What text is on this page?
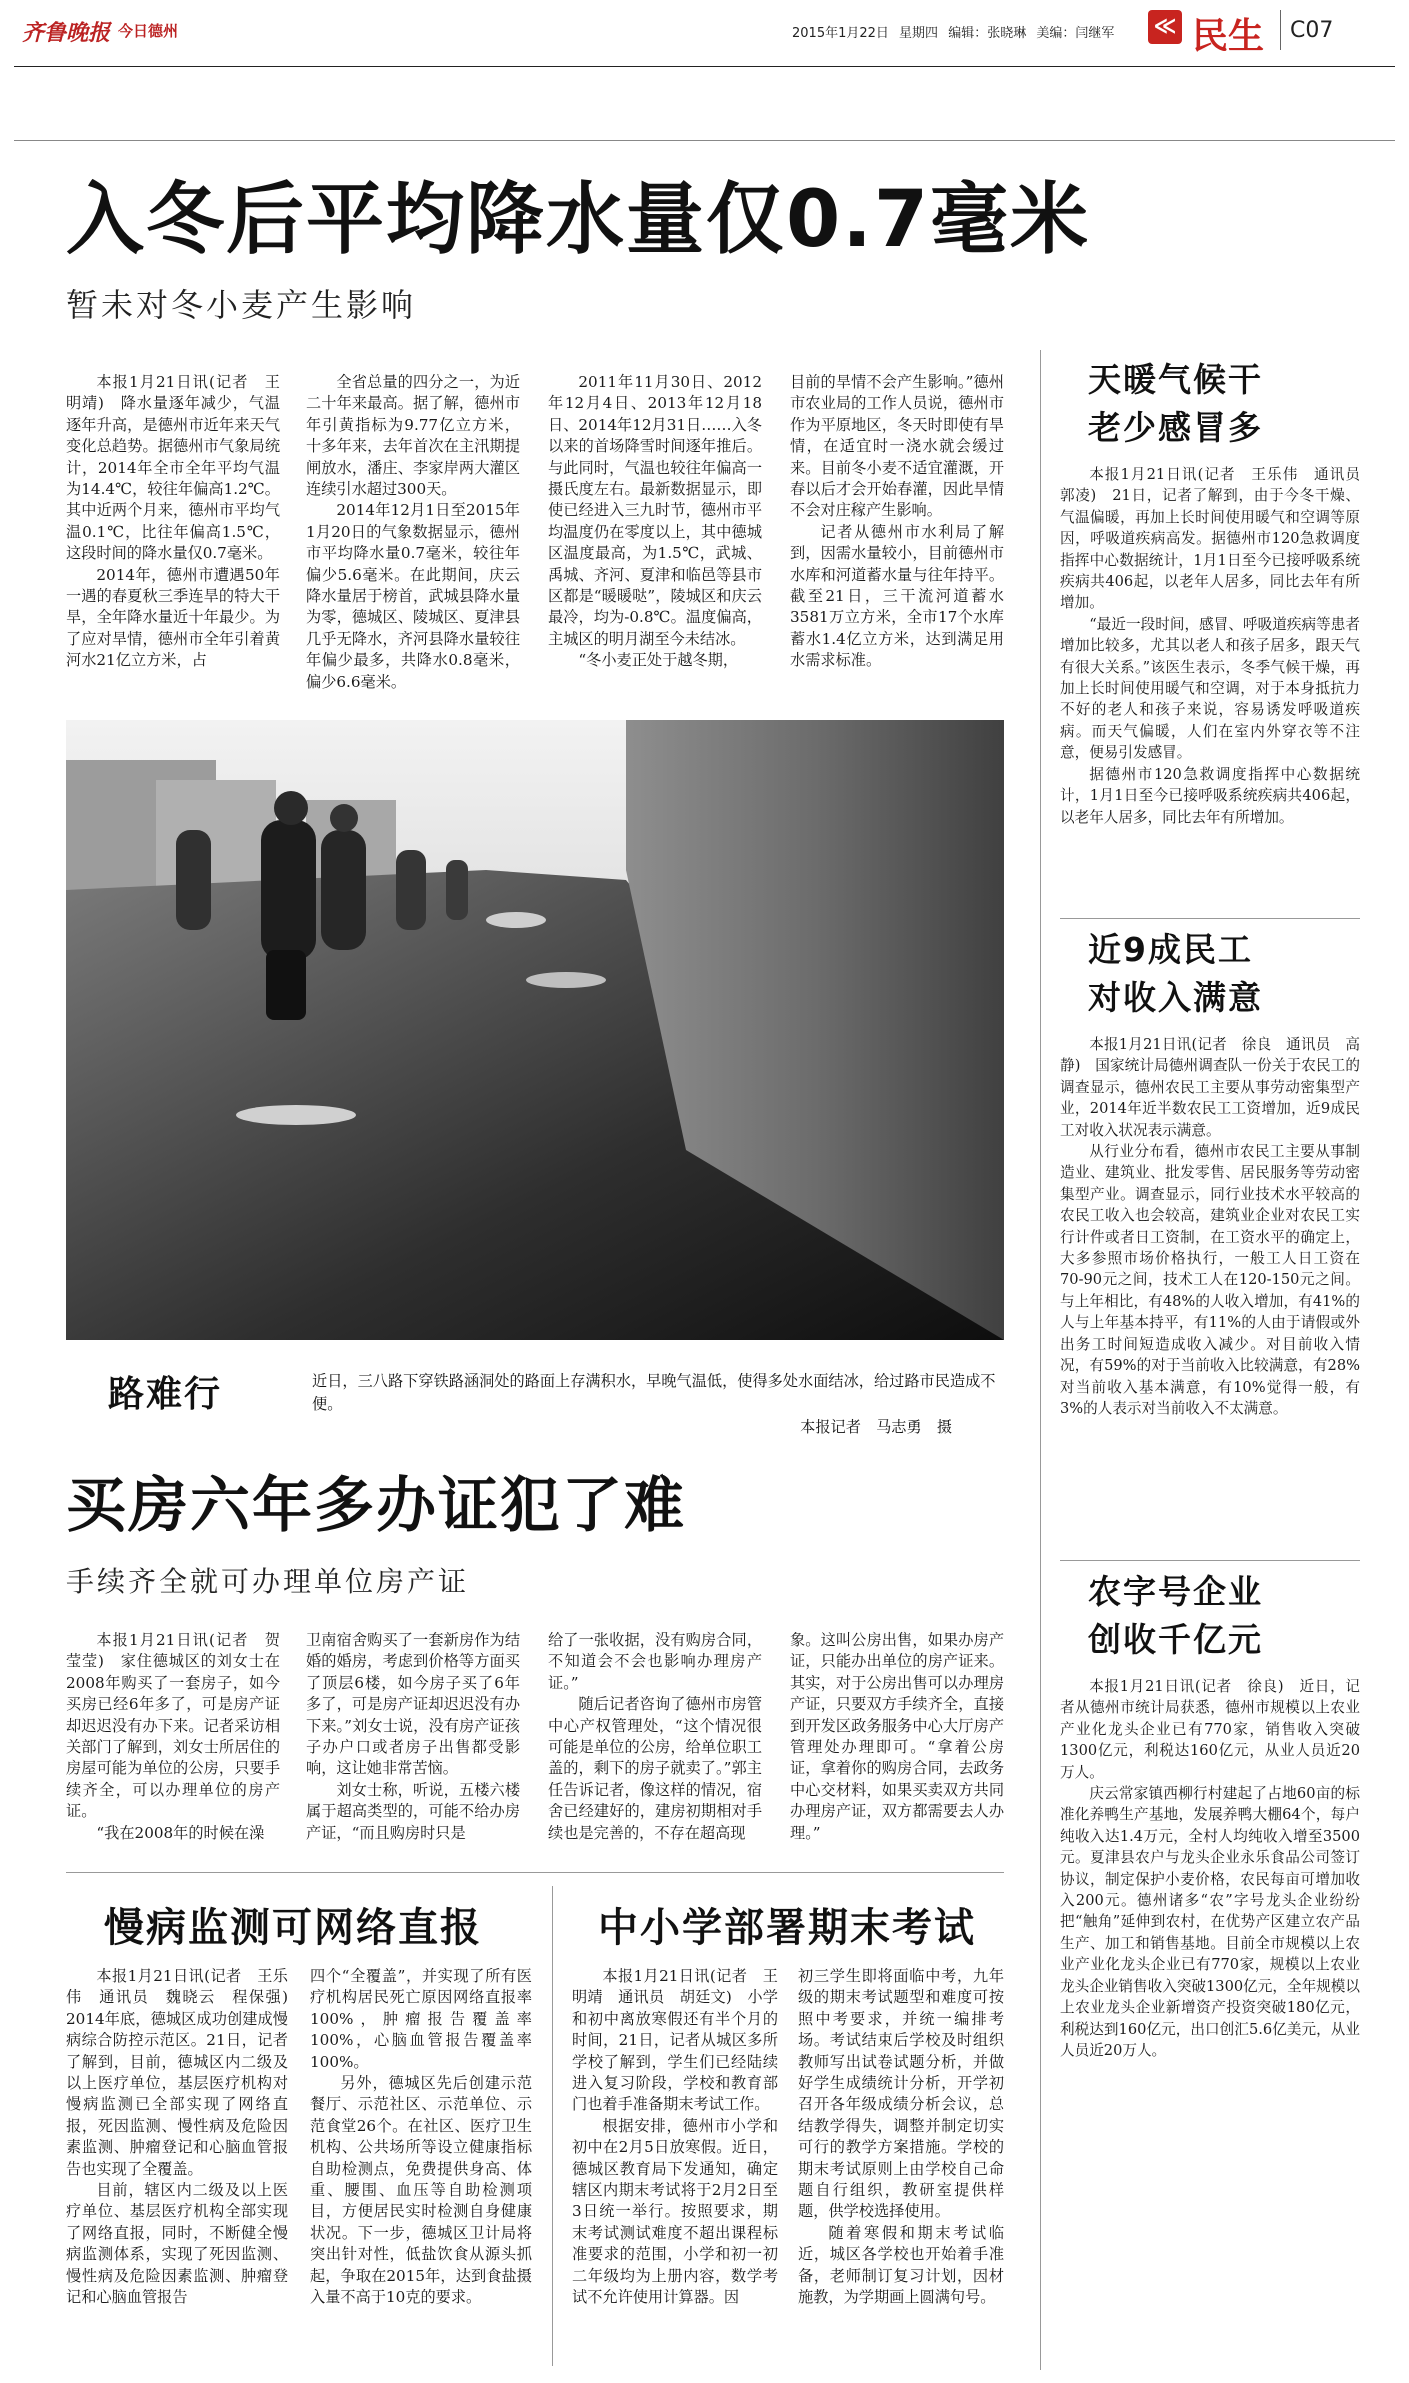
齐鲁晚报 今日德州	2015年1月22日 星期四 编辑：张晓琳 美编：闫继军 ≪ 民生 C07
入冬后平均降水量仅0.7毫米
暂未对冬小麦产生影响

本报1月21日讯(记者　王明靖)　降水量逐年减少，气温逐年升高，是德州市近年来天气变化总趋势。据德州市气象局统计，2014年全市全年平均气温为14.4℃，较往年偏高1.2℃。其中近两个月来，德州市平均气温0.1℃，比往年偏高1.5℃，这段时间的降水量仅0.7毫米。

2014年，德州市遭遇50年一遇的春夏秋三季连旱的特大干旱，全年降水量近十年最少。为了应对旱情，德州市全年引着黄河水21亿立方米，占

全省总量的四分之一，为近二十年来最高。据了解，德州市年引黄指标为9.77亿立方米，十多年来，去年首次在主汛期提闸放水，潘庄、李家岸两大灌区连续引水超过300天。

2014年12月1日至2015年1月20日的气象数据显示，德州市平均降水量0.7毫米，较往年偏少5.6毫米。在此期间，庆云降水量居于榜首，武城县降水量为零，德城区、陵城区、夏津县几乎无降水，齐河县降水量较往年偏少最多，共降水0.8毫米，偏少6.6毫米。

2011年11月30日、2012年12月4日、2013年12月18日、2014年12月31日……入冬以来的首场降雪时间逐年推后。与此同时，气温也较往年偏高一摄氏度左右。最新数据显示，即使已经进入三九时节，德州市平均温度仍在零度以上，其中德城区温度最高，为1.5℃，武城、禹城、齐河、夏津和临邑等县市区都是“暖暖哒”，陵城区和庆云最冷，均为-0.8℃。温度偏高，主城区的明月湖至今未结冰。

“冬小麦正处于越冬期，

目前的旱情不会产生影响。”德州市农业局的工作人员说，德州市作为平原地区，冬天时即使有旱情，在适宜时一浇水就会缓过来。目前冬小麦不适宜灌溉，开春以后才会开始春灌，因此旱情不会对庄稼产生影响。

记者从德州市水利局了解到，因需水量较小，目前德州市水库和河道蓄水量与往年持平。截至21日，三干流河道蓄水3581万立方米，全市17个水库蓄水1.4亿立方米，达到满足用水需求标准。

路难行	近日，三八路下穿铁路涵洞处的路面上存满积水，早晚气温低，使得多处水面结冰，给过路市民造成不便。

本报记者　马志勇　摄
买房六年多办证犯了难
手续齐全就可办理单位房产证

本报1月21日讯(记者　贺莹莹)　家住德城区的刘女士在2008年购买了一套房子，如今买房已经6年多了，可是房产证却迟迟没有办下来。记者采访相关部门了解到，刘女士所居住的房屋可能为单位的公房，只要手续齐全，可以办理单位的房产证。

“我在2008年的时候在澡

卫南宿舍购买了一套新房作为结婚的婚房，考虑到价格等方面买了顶层6楼，如今房子买了6年多了，可是房产证却迟迟没有办下来。”刘女士说，没有房产证孩子办户口或者房子出售都受影响，这让她非常苦恼。

刘女士称，听说，五楼六楼属于超高类型的，可能不给办房产证，“而且购房时只是

给了一张收据，没有购房合同，不知道会不会也影响办理房产证。”

随后记者咨询了德州市房管中心产权管理处，“这个情况很可能是单位的公房，给单位职工盖的，剩下的房子就卖了。”郭主任告诉记者，像这样的情况，宿舍已经建好的，建房初期相对手续也是完善的，不存在超高现

象。这叫公房出售，如果办房产证，只能办出单位的房产证来。其实，对于公房出售可以办理房产证，只要双方手续齐全，直接到开发区政务服务中心大厅房产管理处办理即可。“拿着公房证，拿着你的购房合同，去政务中心交材料，如果买卖双方共同办理房产证，双方都需要去人办理。”

慢病监测可网络直报

本报1月21日讯(记者　王乐伟　通讯员　魏晓云　程保强)　2014年底，德城区成功创建成慢病综合防控示范区。21日，记者了解到，目前，德城区内二级及以上医疗单位，基层医疗机构对慢病监测已全部实现了网络直报，死因监测、慢性病及危险因素监测、肿瘤登记和心脑血管报告也实现了全覆盖。

目前，辖区内二级及以上医疗单位、基层医疗机构全部实现了网络直报，同时，不断健全慢病监测体系，实现了死因监测、慢性病及危险因素监测、肿瘤登记和心脑血管报告

四个“全覆盖”，并实现了所有医疗机构居民死亡原因网络直报率100%，肿瘤报告覆盖率100%，心脑血管报告覆盖率100%。

另外，德城区先后创建示范餐厅、示范社区、示范单位、示范食堂26个。在社区、医疗卫生机构、公共场所等设立健康指标自助检测点，免费提供身高、体重、腰围、血压等自助检测项目，方便居民实时检测自身健康状况。下一步，德城区卫计局将突出针对性，低盐饮食从源头抓起，争取在2015年，达到食盐摄入量不高于10克的要求。

中小学部署期末考试

本报1月21日讯(记者　王明靖　通讯员　胡廷文)　小学和初中离放寒假还有半个月的时间，21日，记者从城区多所学校了解到，学生们已经陆续进入复习阶段，学校和教育部门也着手准备期末考试工作。

根据安排，德州市小学和初中在2月5日放寒假。近日，德城区教育局下发通知，确定辖区内期末考试将于2月2日至3日统一举行。按照要求，期末考试测试难度不超出课程标准要求的范围，小学和初一初二年级均为上册内容，数学考试不允许使用计算器。因

初三学生即将面临中考，九年级的期末考试题型和难度可按照中考要求，并统一编排考场。考试结束后学校及时组织教师写出试卷试题分析，并做好学生成绩统计分析，开学初召开各年级成绩分析会议，总结教学得失，调整并制定切实可行的教学方案措施。学校的期末考试原则上由学校自己命题自行组织，教研室提供样题，供学校选择使用。

随着寒假和期末考试临近，城区各学校也开始着手准备，老师制订复习计划，因材施教，为学期画上圆满句号。

天暖气候干
老少感冒多

本报1月21日讯(记者　王乐伟　通讯员　郭凌)　21日，记者了解到，由于今冬干燥、气温偏暖，再加上长时间使用暖气和空调等原因，呼吸道疾病高发。据德州市120急救调度指挥中心数据统计，1月1日至今已接呼吸系统疾病共406起，以老年人居多，同比去年有所增加。

“最近一段时间，感冒、呼吸道疾病等患者增加比较多，尤其以老人和孩子居多，跟天气有很大关系。”该医生表示，冬季气候干燥，再加上长时间使用暖气和空调，对于本身抵抗力不好的老人和孩子来说，容易诱发呼吸道疾病。而天气偏暖，人们在室内外穿衣等不注意，便易引发感冒。

据德州市120急救调度指挥中心数据统计，1月1日至今已接呼吸系统疾病共406起，以老年人居多，同比去年有所增加。

近9成民工
对收入满意

本报1月21日讯(记者　徐良　通讯员　高静)　国家统计局德州调查队一份关于农民工的调查显示，德州农民工主要从事劳动密集型产业，2014年近半数农民工工资增加，近9成民工对收入状况表示满意。

从行业分布看，德州市农民工主要从事制造业、建筑业、批发零售、居民服务等劳动密集型产业。调查显示，同行业技术水平较高的农民工收入也会较高，建筑业企业对农民工实行计件或者日工资制，在工资水平的确定上，大多参照市场价格执行，一般工人日工资在70-90元之间，技术工人在120-150元之间。与上年相比，有48%的人收入增加，有41%的人与上年基本持平，有11%的人由于请假或外出务工时间短造成收入减少。对目前收入情况，有59%的对于当前收入比较满意，有28%对当前收入基本满意，有10%觉得一般，有3%的人表示对当前收入不太满意。

农字号企业
创收千亿元

本报1月21日讯(记者　徐良)　近日，记者从德州市统计局获悉，德州市规模以上农业产业化龙头企业已有770家，销售收入突破1300亿元，利税达160亿元，从业人员近20万人。

庆云常家镇西柳行村建起了占地60亩的标准化养鸭生产基地，发展养鸭大棚64个，每户纯收入达1.4万元，全村人均纯收入增至3500元。夏津县农户与龙头企业永乐食品公司签订协议，制定保护小麦价格，农民每亩可增加收入200元。德州诸多“农”字号龙头企业纷纷把“触角”延伸到农村，在优势产区建立农产品生产、加工和销售基地。目前全市规模以上农业产业化龙头企业已有770家，规模以上农业龙头企业销售收入突破1300亿元，全年规模以上农业龙头企业新增资产投资突破180亿元，利税达到160亿元，出口创汇5.6亿美元，从业人员近20万人。
